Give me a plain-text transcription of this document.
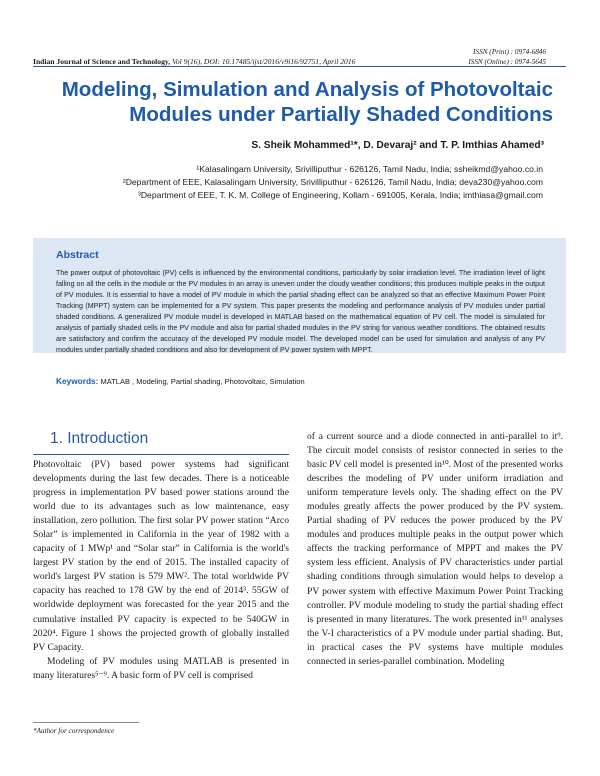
Indian Journal of Science and Technology, Vol 9(16), DOI: 10.17485/ijst/2016/v9i16/92751, April 2016
ISSN (Print) : 0974-6846
ISSN (Online) : 0974-5645
Modeling, Simulation and Analysis of Photovoltaic Modules under Partially Shaded Conditions
S. Sheik Mohammed¹*, D. Devaraj² and T. P. Imthias Ahamed³
¹Kalasalingam University, Srivilliputhur - 626126, Tamil Nadu, India; ssheikmd@yahoo.co.in
²Department of EEE, Kalasalingam University, Srivilliputhur - 626126, Tamil Nadu, India; deva230@yahoo.com
³Department of EEE, T. K. M. College of Engineering, Kollam - 691005, Kerala, India; imthiasa@gmail.com
Abstract
The power output of photovoltaic (PV) cells is influenced by the environmental conditions, particularly by solar irradiation level. The irradiation level of light falling on all the cells in the module or the PV modules in an array is uneven under the cloudy weather conditions; this produces multiple peaks in the output of PV modules. It is essential to have a model of PV module in which the partial shading effect can be analyzed so that an effective Maximum Power Point Tracking (MPPT) system can be implemented for a PV system. This paper presents the modeling and performance analysis of PV modules under partial shaded conditions. A generalized PV module model is developed in MATLAB based on the mathematical equation of PV cell. The model is simulated for analysis of partially shaded cells in the PV module and also for partial shaded modules in the PV string for various weather conditions. The obtained results are satisfactory and confirm the accuracy of the developed PV module model. The developed model can be used for simulation and analysis of any PV modules under partially shaded conditions and also for development of PV power system with MPPT.
Keywords: MATLAB , Modeling, Partial shading, Photovoltaic, Simulation
1. Introduction

Photovoltaic (PV) based power systems had significant developments during the last few decades. There is a noticeable progress in implementation PV based power stations around the world due to its advantages such as low maintenance, easy installation, zero pollution. The first solar PV power station “Arco Solar” is implemented in California in the year of 1982 with a capacity of 1 MWp¹ and “Solar star” in California is the world's largest PV station by the end of 2015. The installed capacity of world's largest PV station is 579 MW². The total worldwide PV capacity has reached to 178 GW by the end of 2014³. 55GW of worldwide deployment was forecasted for the year 2015 and the cumulative installed PV capacity is expected to be 540GW in 2020⁴. Figure 1 shows the projected growth of globally installed PV Capacity.

Modeling of PV modules using MATLAB is presented in many literatures⁵⁻⁹. A basic form of PV cell is comprised

of a current source and a diode connected in anti-parallel to it⁹. The circuit model consists of resistor connected in series to the basic PV cell model is presented in¹⁰. Most of the presented works describes the modeling of PV under uniform irradiation and uniform temperature levels only. The shading effect on the PV modules greatly affects the power produced by the PV system. Partial shading of PV reduces the power produced by the PV modules and produces multiple peaks in the output power which affects the tracking performance of MPPT and makes the PV system less efficient. Analysis of PV characteristics under partial shading conditions through simulation would helps to develop a PV power system with effective Maximum Power Point Tracking controller. PV module modeling to study the partial shading effect is presented in many literatures. The work presented in¹¹ analyses the V-I characteristics of a PV module under partial shading. But, in practical cases the PV systems have multiple modules connected in series-parallel combination. Modeling

*Author for correspondence
